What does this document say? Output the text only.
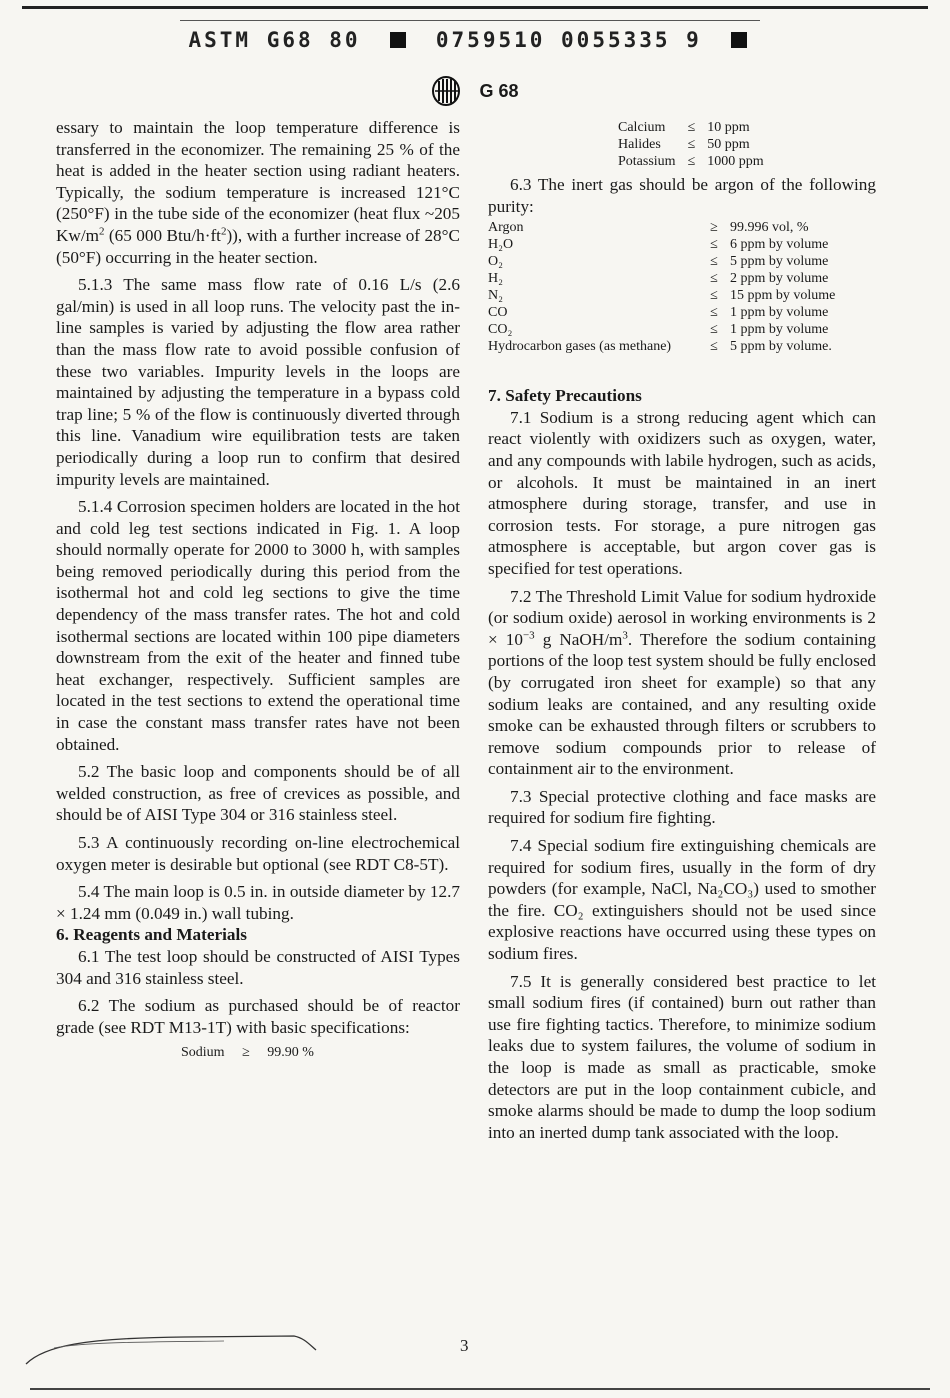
ASTM G68 80	0759510 0055335 9
G 68

essary to maintain the loop temperature difference is transferred in the economizer. The remaining 25 % of the heat is added in the heater section using radiant heaters. Typically, the sodium temperature is increased 121°C (250°F) in the tube side of the economizer (heat flux ~205 $Kw/m^2$ (65 000 Btu/$h\cdot ft^2$)), with a further increase of 28°C (50°F) occurring in the heater section.

5.1.3 The same mass flow rate of 0.16 L/s (2.6 gal/min) is used in all loop runs. The velocity past the in-line samples is varied by adjusting the flow area rather than the mass flow rate to avoid possible confusion of these two variables. Impurity levels in the loops are maintained by adjusting the temperature in a bypass cold trap line; 5 % of the flow is continuously diverted through this line. Vanadium wire equilibration tests are taken periodically during a loop run to confirm that desired impurity levels are maintained.

5.1.4 Corrosion specimen holders are located in the hot and cold leg test sections indicated in Fig. 1. A loop should normally operate for 2000 to 3000 h, with samples being removed periodically during this period from the isothermal hot and cold leg sections to give the time dependency of the mass transfer rates. The hot and cold isothermal sections are located within 100 pipe diameters downstream from the exit of the heater and finned tube heat exchanger, respectively. Sufficient samples are located in the test sections to extend the operational time in case the constant mass transfer rates have not been obtained.

5.2 The basic loop and components should be of all welded construction, as free of crevices as possible, and should be of AISI Type 304 or 316 stainless steel.

5.3 A continuously recording on-line electrochemical oxygen meter is desirable but optional (see RDT C8-5T).

5.4 The main loop is 0.5 in. in outside diameter by 12.7 × 1.24 mm (0.049 in.) wall tubing.

6. Reagents and Materials

6.1 The test loop should be constructed of AISI Types 304 and 316 stainless steel.

6.2 The sodium as purchased should be of reactor grade (see RDT M13-1T) with basic specifications:

Sodium ≥ 99.90 %
Calcium	≤	10 ppm
Halides	≤	50 ppm
Potassium	≤	1000 ppm

6.3 The inert gas should be argon of the following purity:

Argon	≥	99.996 vol, %
H₂O	≤	6 ppm by volume
O₂	≤	5 ppm by volume
H₂	≤	2 ppm by volume
N₂	≤	15 ppm by volume
CO	≤	1 ppm by volume
CO₂	≤	1 ppm by volume
Hydrocarbon gases (as methane)	≤	5 ppm by volume.

7. Safety Precautions

7.1 Sodium is a strong reducing agent which can react violently with oxidizers such as oxygen, water, and any compounds with labile hydrogen, such as acids, or alcohols. It must be maintained in an inert atmosphere during storage, transfer, and use in corrosion tests. For storage, a pure nitrogen gas atmosphere is acceptable, but argon cover gas is specified for test operations.

7.2 The Threshold Limit Value for sodium hydroxide (or sodium oxide) aerosol in working environments is $2 \times 10^{-3}$ g NaOH/$m^3$. Therefore the sodium containing portions of the loop test system should be fully enclosed (by corrugated iron sheet for example) so that any sodium leaks are contained, and any resulting oxide smoke can be exhausted through filters or scrubbers to remove sodium compounds prior to release of containment air to the environment.

7.3 Special protective clothing and face masks are required for sodium fire fighting.

7.4 Special sodium fire extinguishing chemicals are required for sodium fires, usually in the form of dry powders (for example, NaCl, Na₂CO₃) used to smother the fire. CO₂ extinguishers should not be used since explosive reactions have occurred using these types on sodium fires.

7.5 It is generally considered best practice to let small sodium fires (if contained) burn out rather than use fire fighting tactics. Therefore, to minimize sodium leaks due to system failures, the volume of sodium in the loop is made as small as practicable, smoke detectors are put in the loop containment cubicle, and smoke alarms should be made to dump the loop sodium into an inerted dump tank associated with the loop.

3
